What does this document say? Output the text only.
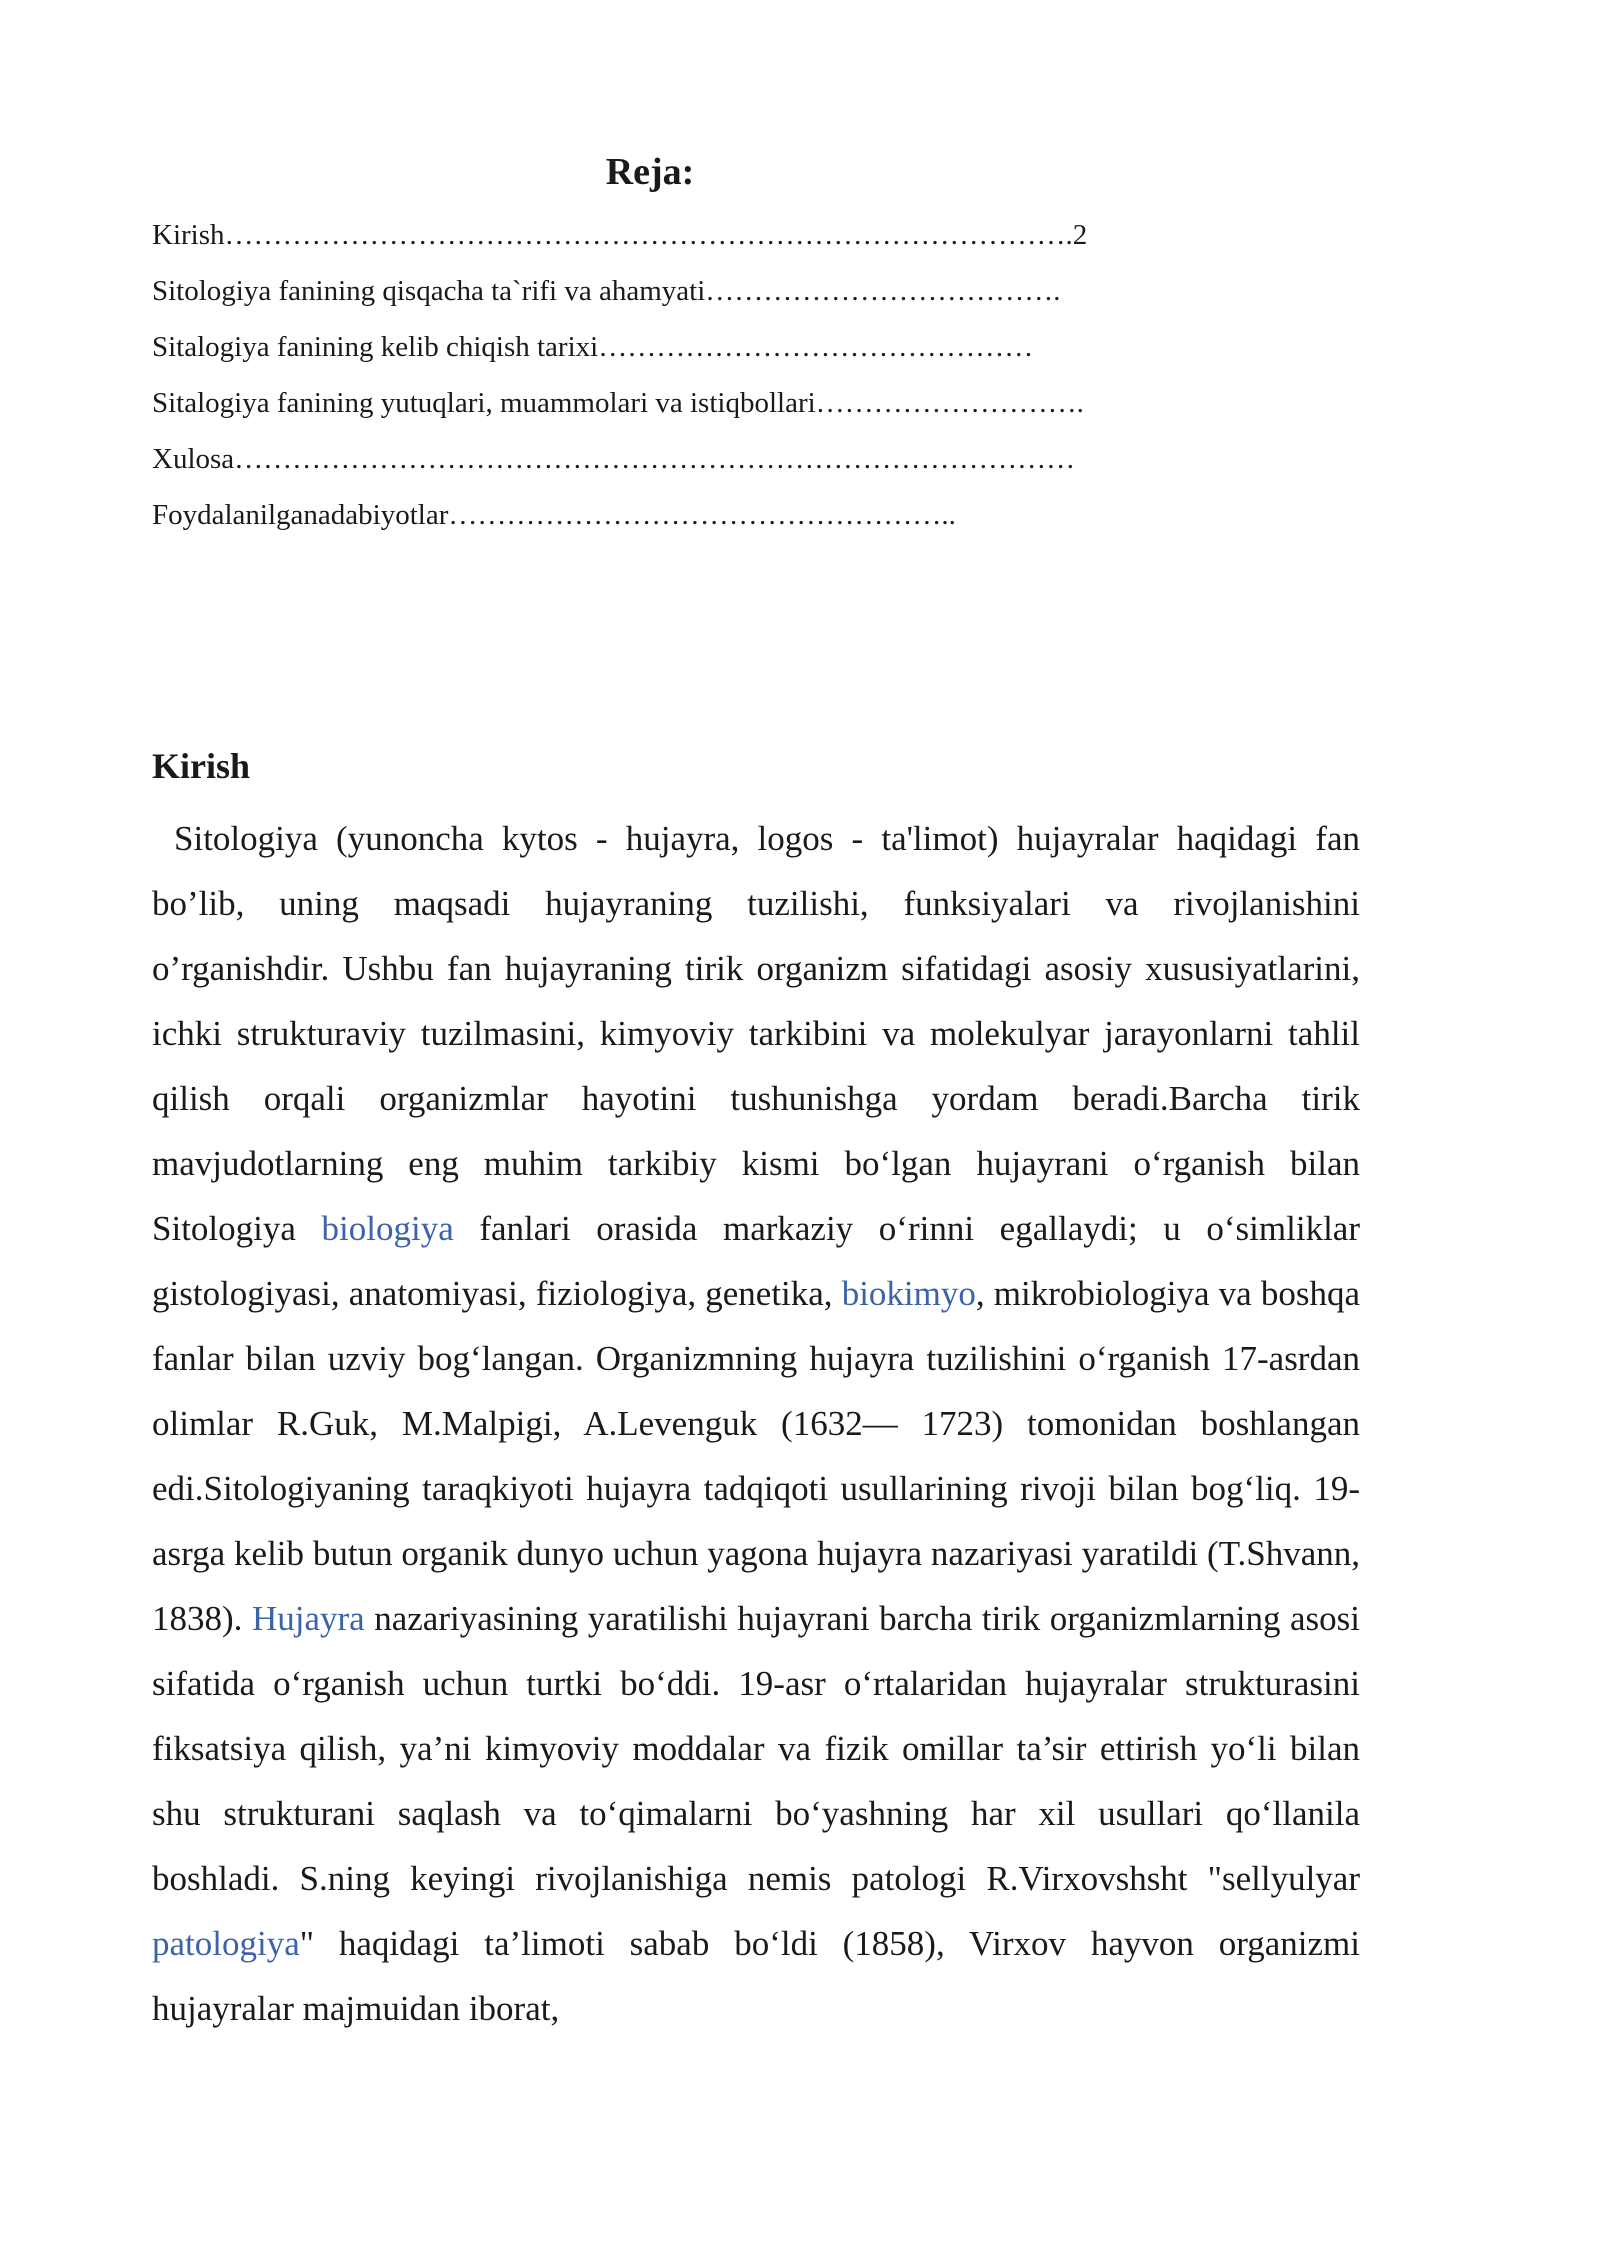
Reja:
Kirish…………………………………………………………………………….2
Sitologiya fanining qisqacha ta`rifi va ahamyati……………………………….
Sitalogiya fanining kelib chiqish tarixi………………………………………
Sitalogiya fanining yutuqlari, muammolari va istiqbollari……………………….
Xulosa……………………………………………………………………………
Foydalanilganadabiyotlar……………………………………………..
Kirish

Sitologiya (yunoncha kytos - hujayra, logos - ta'limot) hujayralar haqidagi fan bo’lib, uning maqsadi hujayraning tuzilishi, funksiyalari va rivojlanishini o’rganishdir. Ushbu fan hujayraning tirik organizm sifatidagi asosiy xususiyatlarini, ichki strukturaviy tuzilmasini, kimyoviy tarkibini va molekulyar jarayonlarni tahlil qilish orqali organizmlar hayotini tushunishga yordam beradi.Barcha tirik mavjudotlarning eng muhim tarkibiy kismi boʻlgan hujayrani oʻrganish bilan Sitologiya biologiya fanlari orasida markaziy oʻrinni egallaydi; u oʻsimliklar gistologiyasi, anatomiyasi, fiziologiya, genetika, biokimyo, mikrobiologiya va boshqa fanlar bilan uzviy bogʻlangan. Organizmning hujayra tuzilishini oʻrganish 17-asrdan olimlar R.Guk, M.Malpigi, A.Levenguk (1632— 1723) tomonidan boshlangan edi.Sitologiyaning taraqkiyoti hujayra tadqiqoti usullarining rivoji bilan bogʻliq. 19-asrga kelib butun organik dunyo uchun yagona hujayra nazariyasi yaratildi (T.Shvann, 1838). Hujayra nazariyasining yaratilishi hujayrani barcha tirik organizmlarning asosi sifatida oʻrganish uchun turtki boʻddi. 19-asr oʻrtalaridan hujayralar strukturasini fiksatsiya qilish, ya’ni kimyoviy moddalar va fizik omillar ta’sir ettirish yoʻli bilan shu strukturani saqlash va toʻqimalarni boʻyashning har xil usullari qoʻllanila boshladi. S.ning keyingi rivojlanishiga nemis patologi R.Virxovshsht "sellyulyar patologiya" haqidagi ta’limoti sabab boʻldi (1858), Virxov hayvon organizmi hujayralar majmuidan iborat,
